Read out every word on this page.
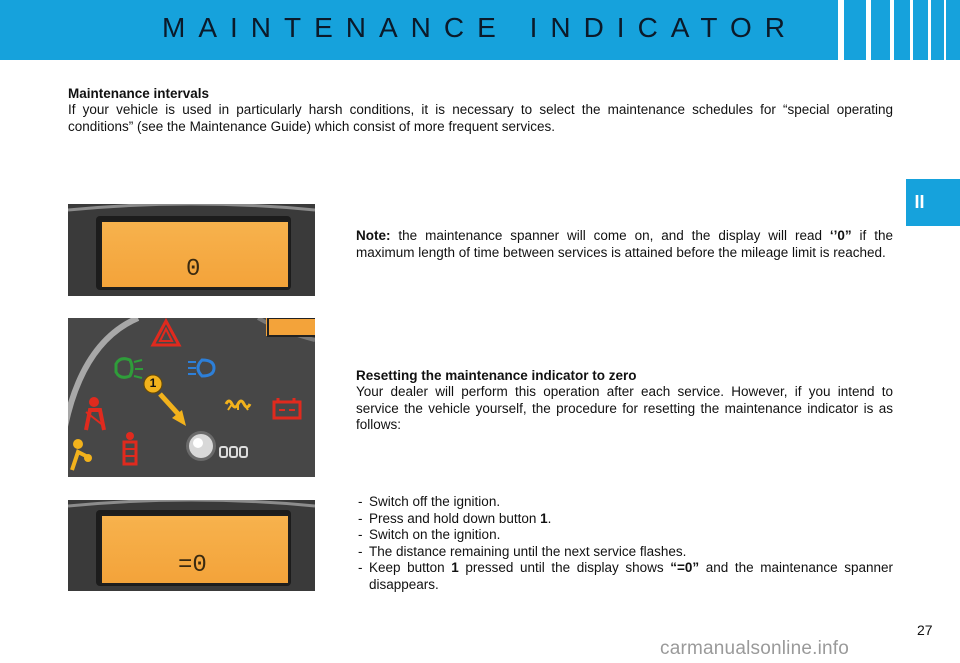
MAINTENANCE INDICATOR
II
Maintenance intervals
If your vehicle is used in particularly harsh conditions, it is necessary to select the maintenance schedules for “special operating conditions” (see the Maintenance Guide) which consist of more frequent services.
0
1
=0
Note: the maintenance spanner will come on, and the display will read ‘’0” if the maximum length of time between services is attained before the mileage limit is reached.
Resetting the maintenance indicator to zero
Your dealer will perform this operation after each service. However, if you intend to service the vehicle yourself, the procedure for resetting the maintenance indicator is as follows:
- Switch off the ignition.
- Press and hold down button 1.
- Switch on the ignition.
- The distance remaining until the next service flashes.
- Keep button 1 pressed until the display shows “=0” and the maintenance spanner disappears.
27
carmanualsonline.info
